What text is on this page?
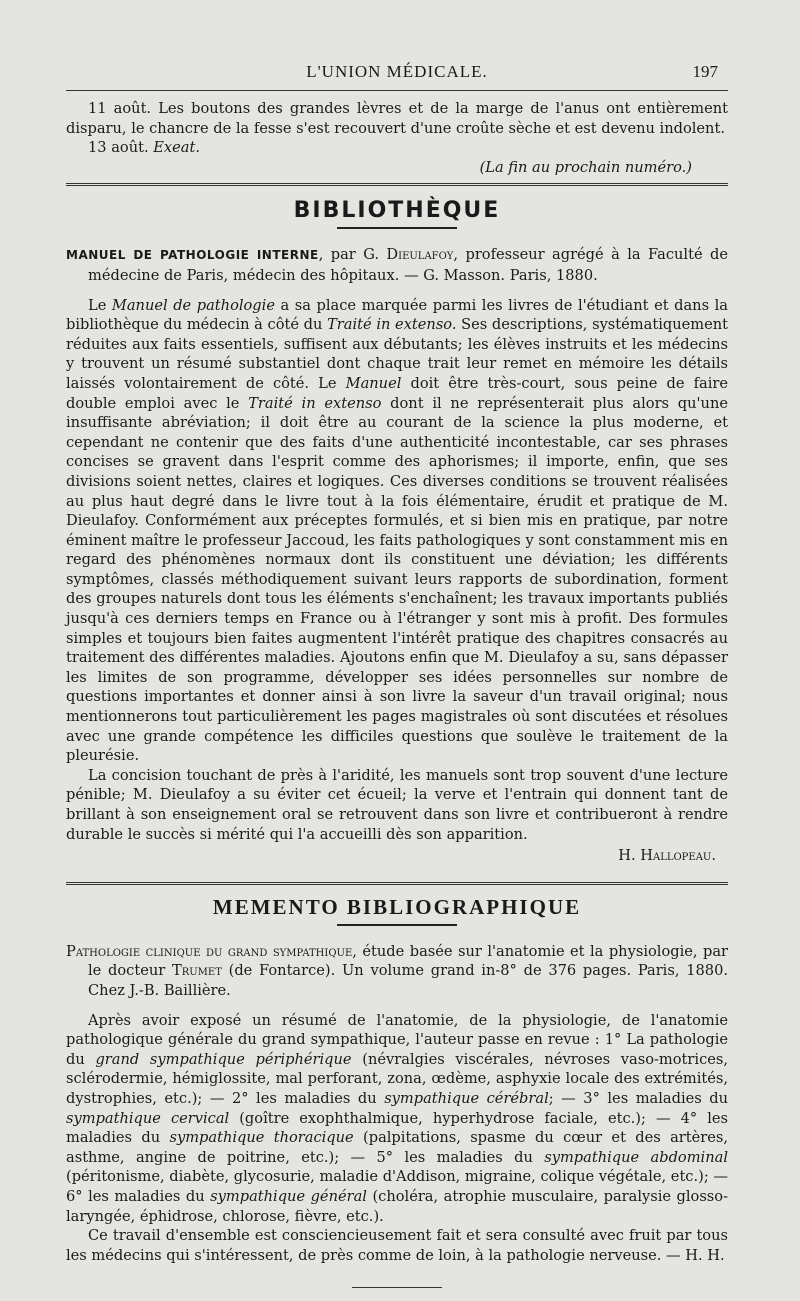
L'UNION MÉDICALE.	197

11 août. Les boutons des grandes lèvres et de la marge de l'anus ont entièrement disparu, le chancre de la fesse s'est recouvert d'une croûte sèche et est devenu indolent.

13 août. Exeat.

(La fin au prochain numéro.)

BIBLIOTHÈQUE

MANUEL DE PATHOLOGIE INTERNE, par G. Dieulafoy, professeur agrégé à la Faculté de médecine de Paris, médecin des hôpitaux. — G. Masson. Paris, 1880.

Le Manuel de pathologie a sa place marquée parmi les livres de l'étudiant et dans la bibliothèque du médecin à côté du Traité in extenso. Ses descriptions, systématiquement réduites aux faits essentiels, suffisent aux débutants; les élèves instruits et les médecins y trouvent un résumé substantiel dont chaque trait leur remet en mémoire les détails laissés volontairement de côté. Le Manuel doit être très-court, sous peine de faire double emploi avec le Traité in extenso dont il ne représenterait plus alors qu'une insuffisante abréviation; il doit être au courant de la science la plus moderne, et cependant ne contenir que des faits d'une authenticité incontestable, car ses phrases concises se gravent dans l'esprit comme des aphorismes; il importe, enfin, que ses divisions soient nettes, claires et logiques. Ces diverses conditions se trouvent réalisées au plus haut degré dans le livre tout à la fois élémentaire, érudit et pratique de M. Dieulafoy. Conformément aux préceptes formulés, et si bien mis en pratique, par notre éminent maître le professeur Jaccoud, les faits pathologiques y sont constamment mis en regard des phénomènes normaux dont ils constituent une déviation; les différents symptômes, classés méthodiquement suivant leurs rapports de subordination, forment des groupes naturels dont tous les éléments s'enchaînent; les travaux importants publiés jusqu'à ces derniers temps en France ou à l'étranger y sont mis à profit. Des formules simples et toujours bien faites augmentent l'intérêt pratique des chapitres consacrés au traitement des différentes maladies. Ajoutons enfin que M. Dieulafoy a su, sans dépasser les limites de son programme, développer ses idées personnelles sur nombre de questions importantes et donner ainsi à son livre la saveur d'un travail original; nous mentionnerons tout particulièrement les pages magistrales où sont discutées et résolues avec une grande compétence les difficiles questions que soulève le traitement de la pleurésie.

La concision touchant de près à l'aridité, les manuels sont trop souvent d'une lecture pénible; M. Dieulafoy a su éviter cet écueil; la verve et l'entrain qui donnent tant de brillant à son enseignement oral se retrouvent dans son livre et contribueront à rendre durable le succès si mérité qui l'a accueilli dès son apparition.

H. Hallopeau.

MEMENTO BIBLIOGRAPHIQUE

Pathologie clinique du grand sympathique, étude basée sur l'anatomie et la physiologie, par le docteur Trumet (de Fontarce). Un volume grand in-8° de 376 pages. Paris, 1880. Chez J.-B. Baillière.

Après avoir exposé un résumé de l'anatomie, de la physiologie, de l'anatomie pathologique générale du grand sympathique, l'auteur passe en revue : 1° La pathologie du grand sympathique périphérique (névralgies viscérales, névroses vaso-motrices, sclérodermie, hémiglossite, mal perforant, zona, œdème, asphyxie locale des extrémités, dystrophies, etc.); — 2° les maladies du sympathique cérébral; — 3° les maladies du sympathique cervical (goître exophthalmique, hyperhydrose faciale, etc.); — 4° les maladies du sympathique thoracique (palpitations, spasme du cœur et des artères, asthme, angine de poitrine, etc.); — 5° les maladies du sympathique abdominal (péritonisme, diabète, glycosurie, maladie d'Addison, migraine, colique végétale, etc.); — 6° les maladies du sympathique général (choléra, atrophie musculaire, paralysie glosso-laryngée, éphidrose, chlorose, fièvre, etc.).

Ce travail d'ensemble est consciencieusement fait et sera consulté avec fruit par tous les médecins qui s'intéressent, de près comme de loin, à la pathologie nerveuse. — H. H.
